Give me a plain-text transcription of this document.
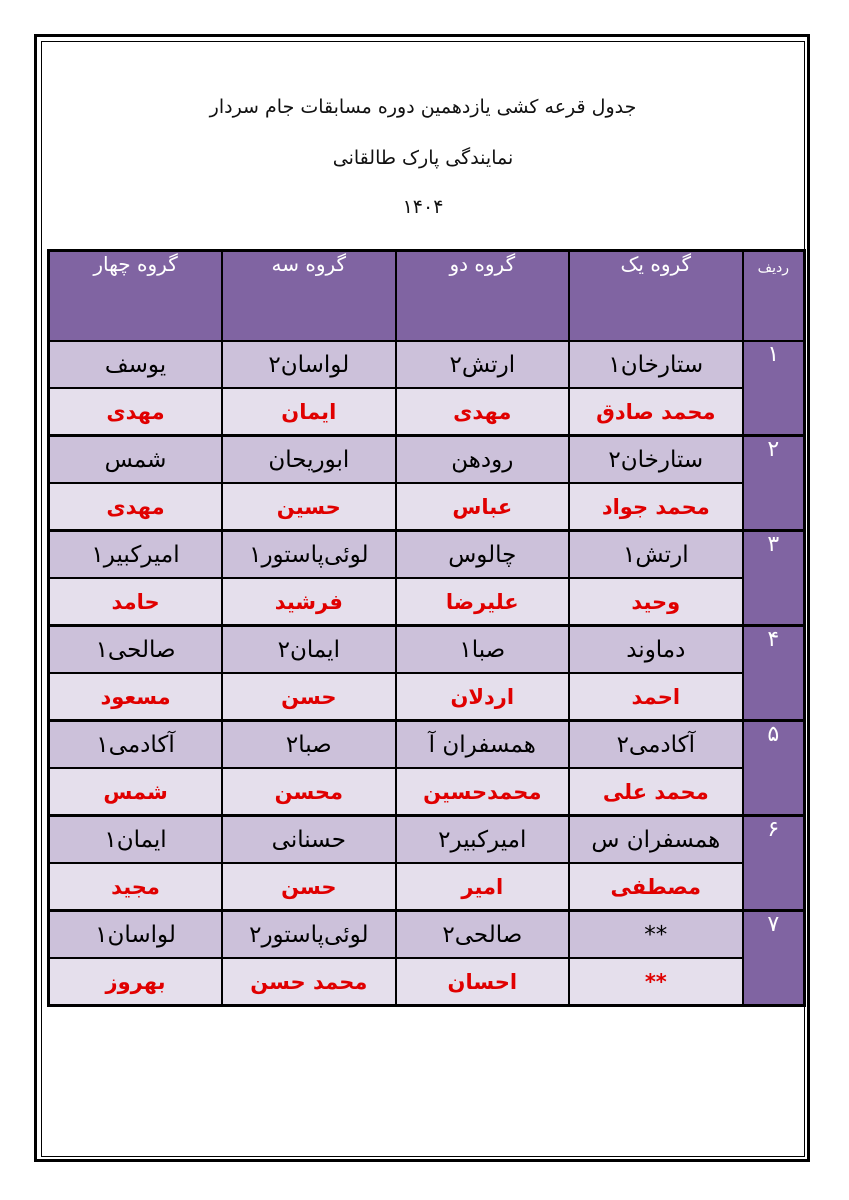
جدول قرعه کشی یازدهمین دوره مسابقات جام سردار
نمایندگی پارک طالقانی
۱۴۰۴
ردیف	گروه یک	گروه دو	گروه سه	گروه چهار
۱	ستارخان۱	ارتش۲	لواسان۲	یوسف
	محمد صادق	مهدی	ایمان	مهدی
۲	ستارخان۲	رودهن	ابوریحان	شمس
	محمد جواد	عباس	حسین	مهدی
۳	ارتش۱	چالوس	لوئی‌پاستور۱	امیرکبیر۱
	وحید	علیرضا	فرشید	حامد
۴	دماوند	صبا۱	ایمان۲	صالحی۱
	احمد	اردلان	حسن	مسعود
۵	آکادمی۲	همسفران آ	صبا۲	آکادمی۱
	محمد علی	محمدحسین	محسن	شمس
۶	همسفران س	امیرکبیر۲	حسنانی	ایمان۱
	مصطفی	امیر	حسن	مجید
۷	**	صالحی۲	لوئی‌پاستور۲	لواسان۱
	**	احسان	محمد حسن	بهروز
